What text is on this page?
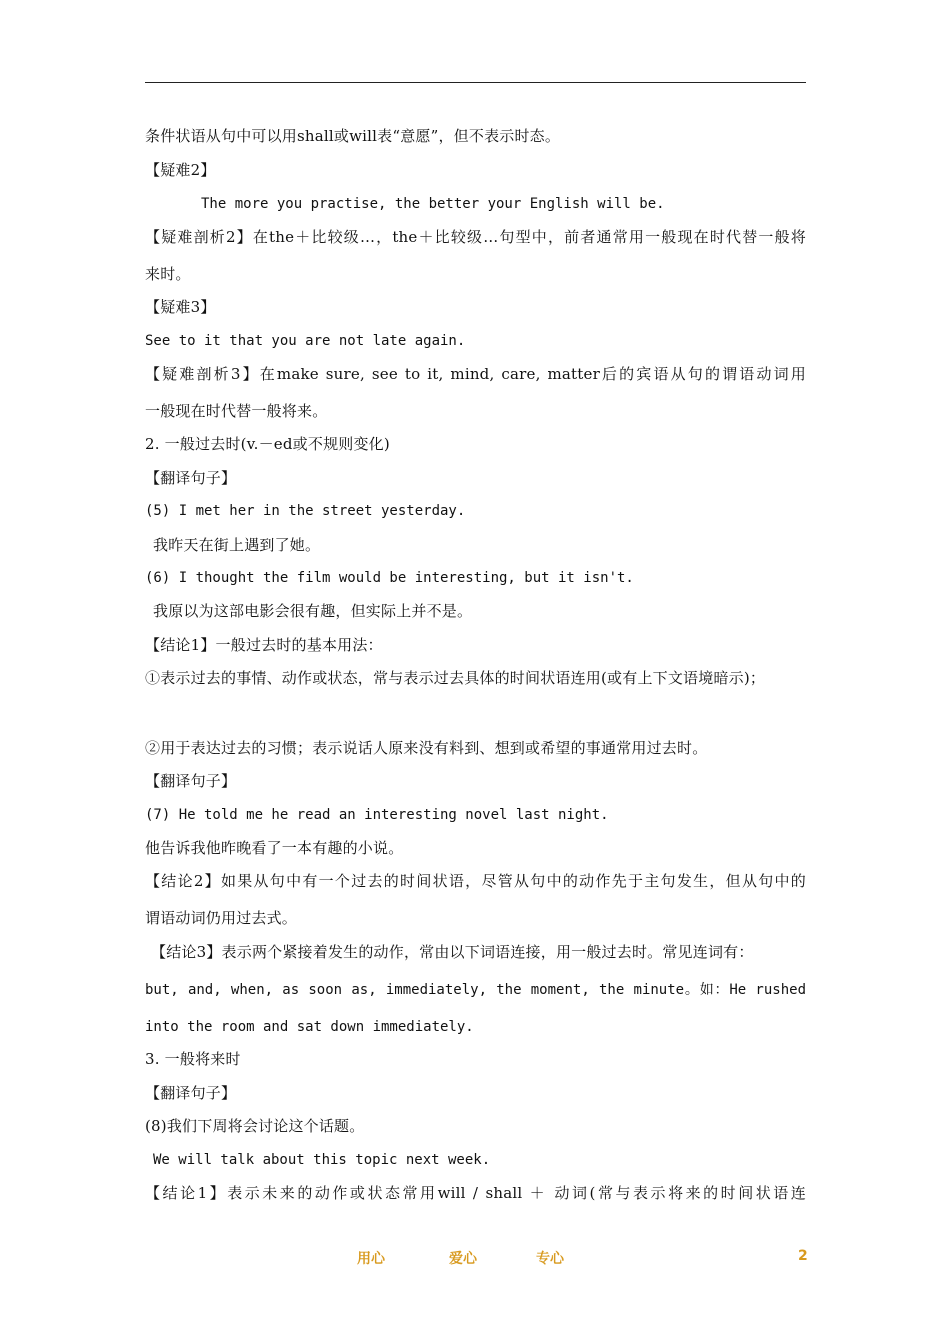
条件状语从句中可以用shall或will表“意愿”，但不表示时态。
【疑难2】
The more you practise, the better your English will be.
【疑难剖析2】在the＋比较级…，the＋比较级…句型中，前者通常用一般现在时代替一般将
来时。
【疑难3】
See to it that you are not late again.
【疑难剖析3】在make sure, see to it, mind, care, matter后的宾语从句的谓语动词用
一般现在时代替一般将来。
2. 一般过去时(v.－ed或不规则变化)
【翻译句子】
(5) I met her in the street yesterday.
我昨天在街上遇到了她。
(6) I thought the film would be interesting, but it isn't.
我原以为这部电影会很有趣，但实际上并不是。
【结论1】一般过去时的基本用法：
①表示过去的事情、动作或状态，常与表示过去具体的时间状语连用(或有上下文语境暗示)；
②用于表达过去的习惯；表示说话人原来没有料到、想到或希望的事通常用过去时。
【翻译句子】
(7) He told me he read an interesting novel last night.
他告诉我他昨晚看了一本有趣的小说。
【结论2】如果从句中有一个过去的时间状语，尽管从句中的动作先于主句发生，但从句中的
谓语动词仍用过去式。
【结论3】表示两个紧接着发生的动作，常由以下词语连接，用一般过去时。常见连词有：
but, and, when, as soon as, immediately, the moment, the minute。如：He rushed
into the room and sat down immediately.
3. 一般将来时
【翻译句子】
(8)我们下周将会讨论这个话题。
We will talk about this topic next week.
【结论1】表示未来的动作或状态常用will / shall ＋ 动词(常与表示将来的时间状语连
用心	爱心	专心	2
